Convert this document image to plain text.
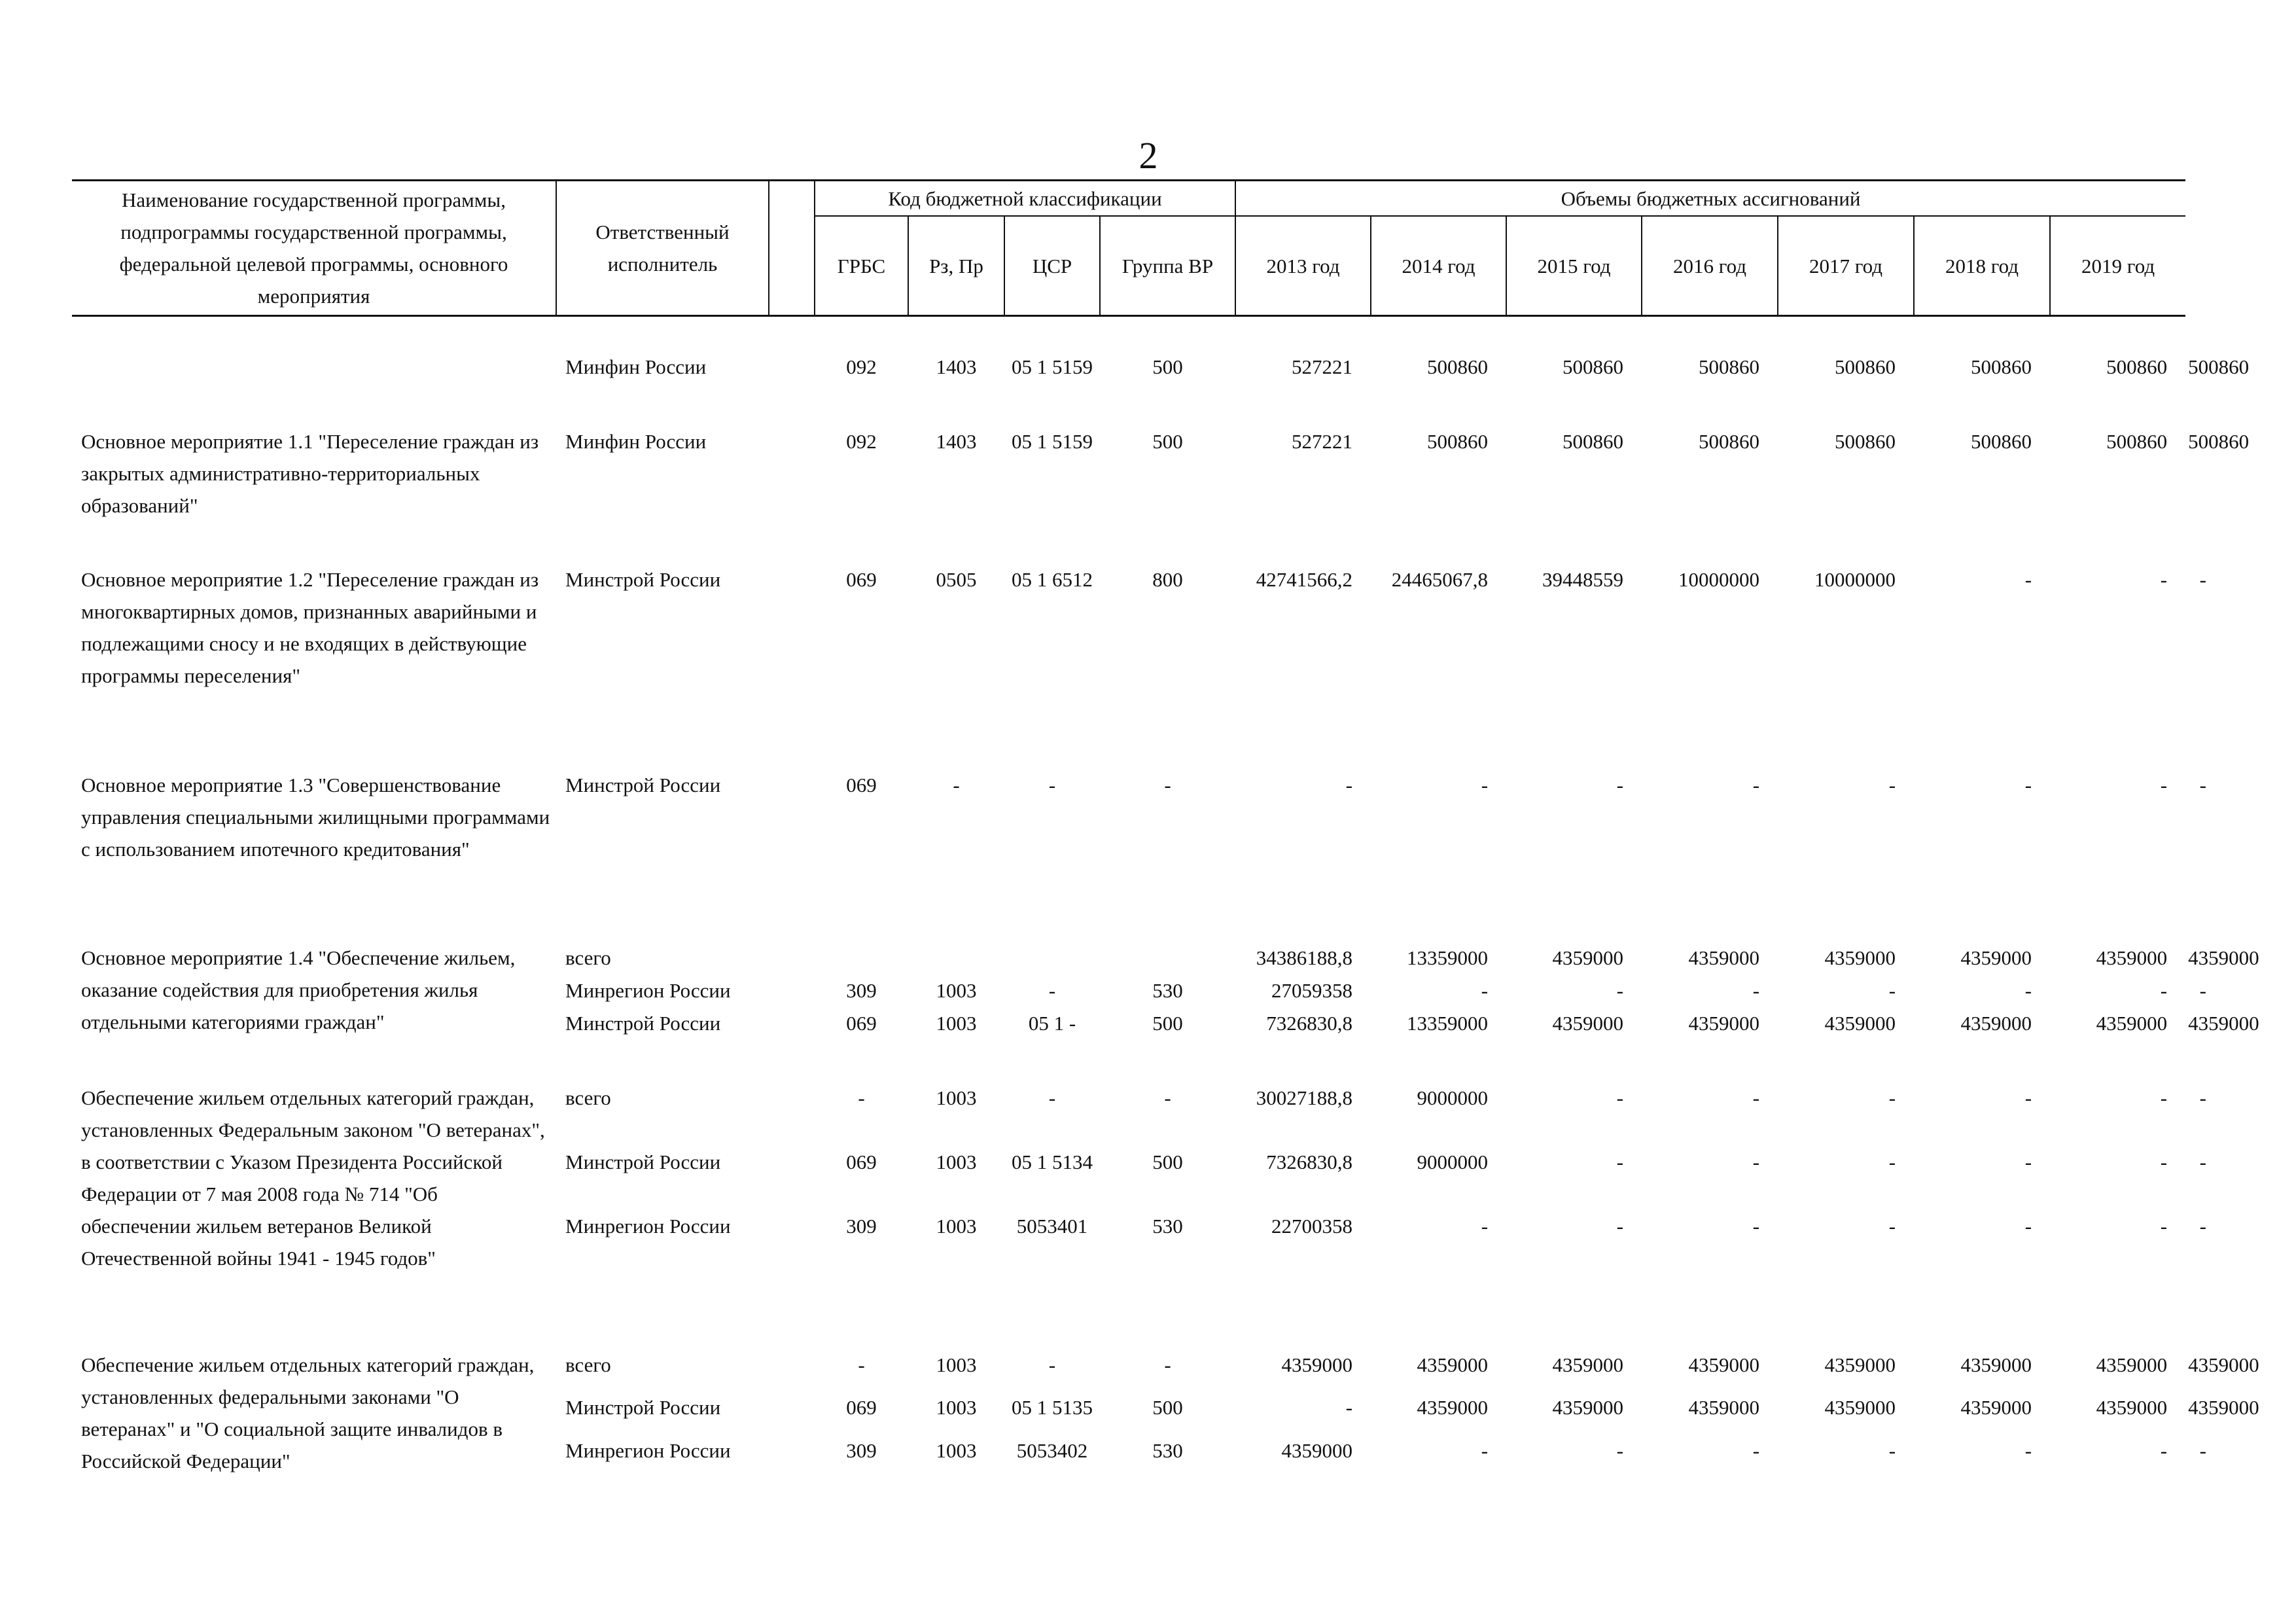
2
Наименование государственной программы, подпрограммы государственной программы, федеральной целевой программы, основного мероприятия	Ответственный исполнитель		Код бюджетной классификации				Объемы бюджетных ассигнований							
			ГРБС	Рз, Пр	ЦСР	Группа ВР	2013 год	2014 год	2015 год	2016 год	2017 год	2018 год	2019 год	

	Минфин России		092	1403	05 1 5159	500	527221	500860	500860	500860	500860	500860	500860	500860

Основное мероприятие 1.1 "Переселение граждан из закрытых административно-территориальных образований"	Минфин России		092	1403	05 1 5159	500	527221	500860	500860	500860	500860	500860	500860	500860

Основное мероприятие 1.2 "Переселение граждан из многоквартирных домов, признанных аварийными и подлежащими сносу и не входящих в действующие программы переселения"	Минстрой России		069	0505	05 1 6512	800	42741566,2	24465067,8	39448559	10000000	10000000	-	-	-

Основное мероприятие 1.3 "Совершенствование управления специальными жилищными программами с использованием ипотечного кредитования"	Минстрой России		069	-	-	-	-	-	-	-	-	-	-	-

Основное мероприятие 1.4 "Обеспечение жильем, оказание содействия для приобретения жилья отдельными категориями граждан"	всего						34386188,8	13359000	4359000	4359000	4359000	4359000	4359000	4359000
	Минрегион России		309	1003	-	530	27059358	-	-	-	-	-	-	-
	Минстрой России		069	1003	05 1 -	500	7326830,8	13359000	4359000	4359000	4359000	4359000	4359000	4359000

Обеспечение жильем отдельных категорий граждан, установленных Федеральным законом "О ветеранах", в соответствии с Указом Президента Российской Федерации от 7 мая 2008 года № 714 "Об обеспечении жильем ветеранов Великой Отечественной войны 1941 - 1945 годов"	всего		-	1003	-	-	30027188,8	9000000	-	-	-	-	-	-
	Минстрой России		069	1003	05 1 5134	500	7326830,8	9000000	-	-	-	-	-	-
	Минрегион России		309	1003	5053401	530	22700358	-	-	-	-	-	-	-

Обеспечение жильем отдельных категорий граждан, установленных федеральными законами "О ветеранах" и "О социальной защите инвалидов в Российской Федерации"	всего		-	1003	-	-	4359000	4359000	4359000	4359000	4359000	4359000	4359000	4359000
	Минстрой России		069	1003	05 1 5135	500	-	4359000	4359000	4359000	4359000	4359000	4359000	4359000
	Минрегион России		309	1003	5053402	530	4359000	-	-	-	-	-	-	-
